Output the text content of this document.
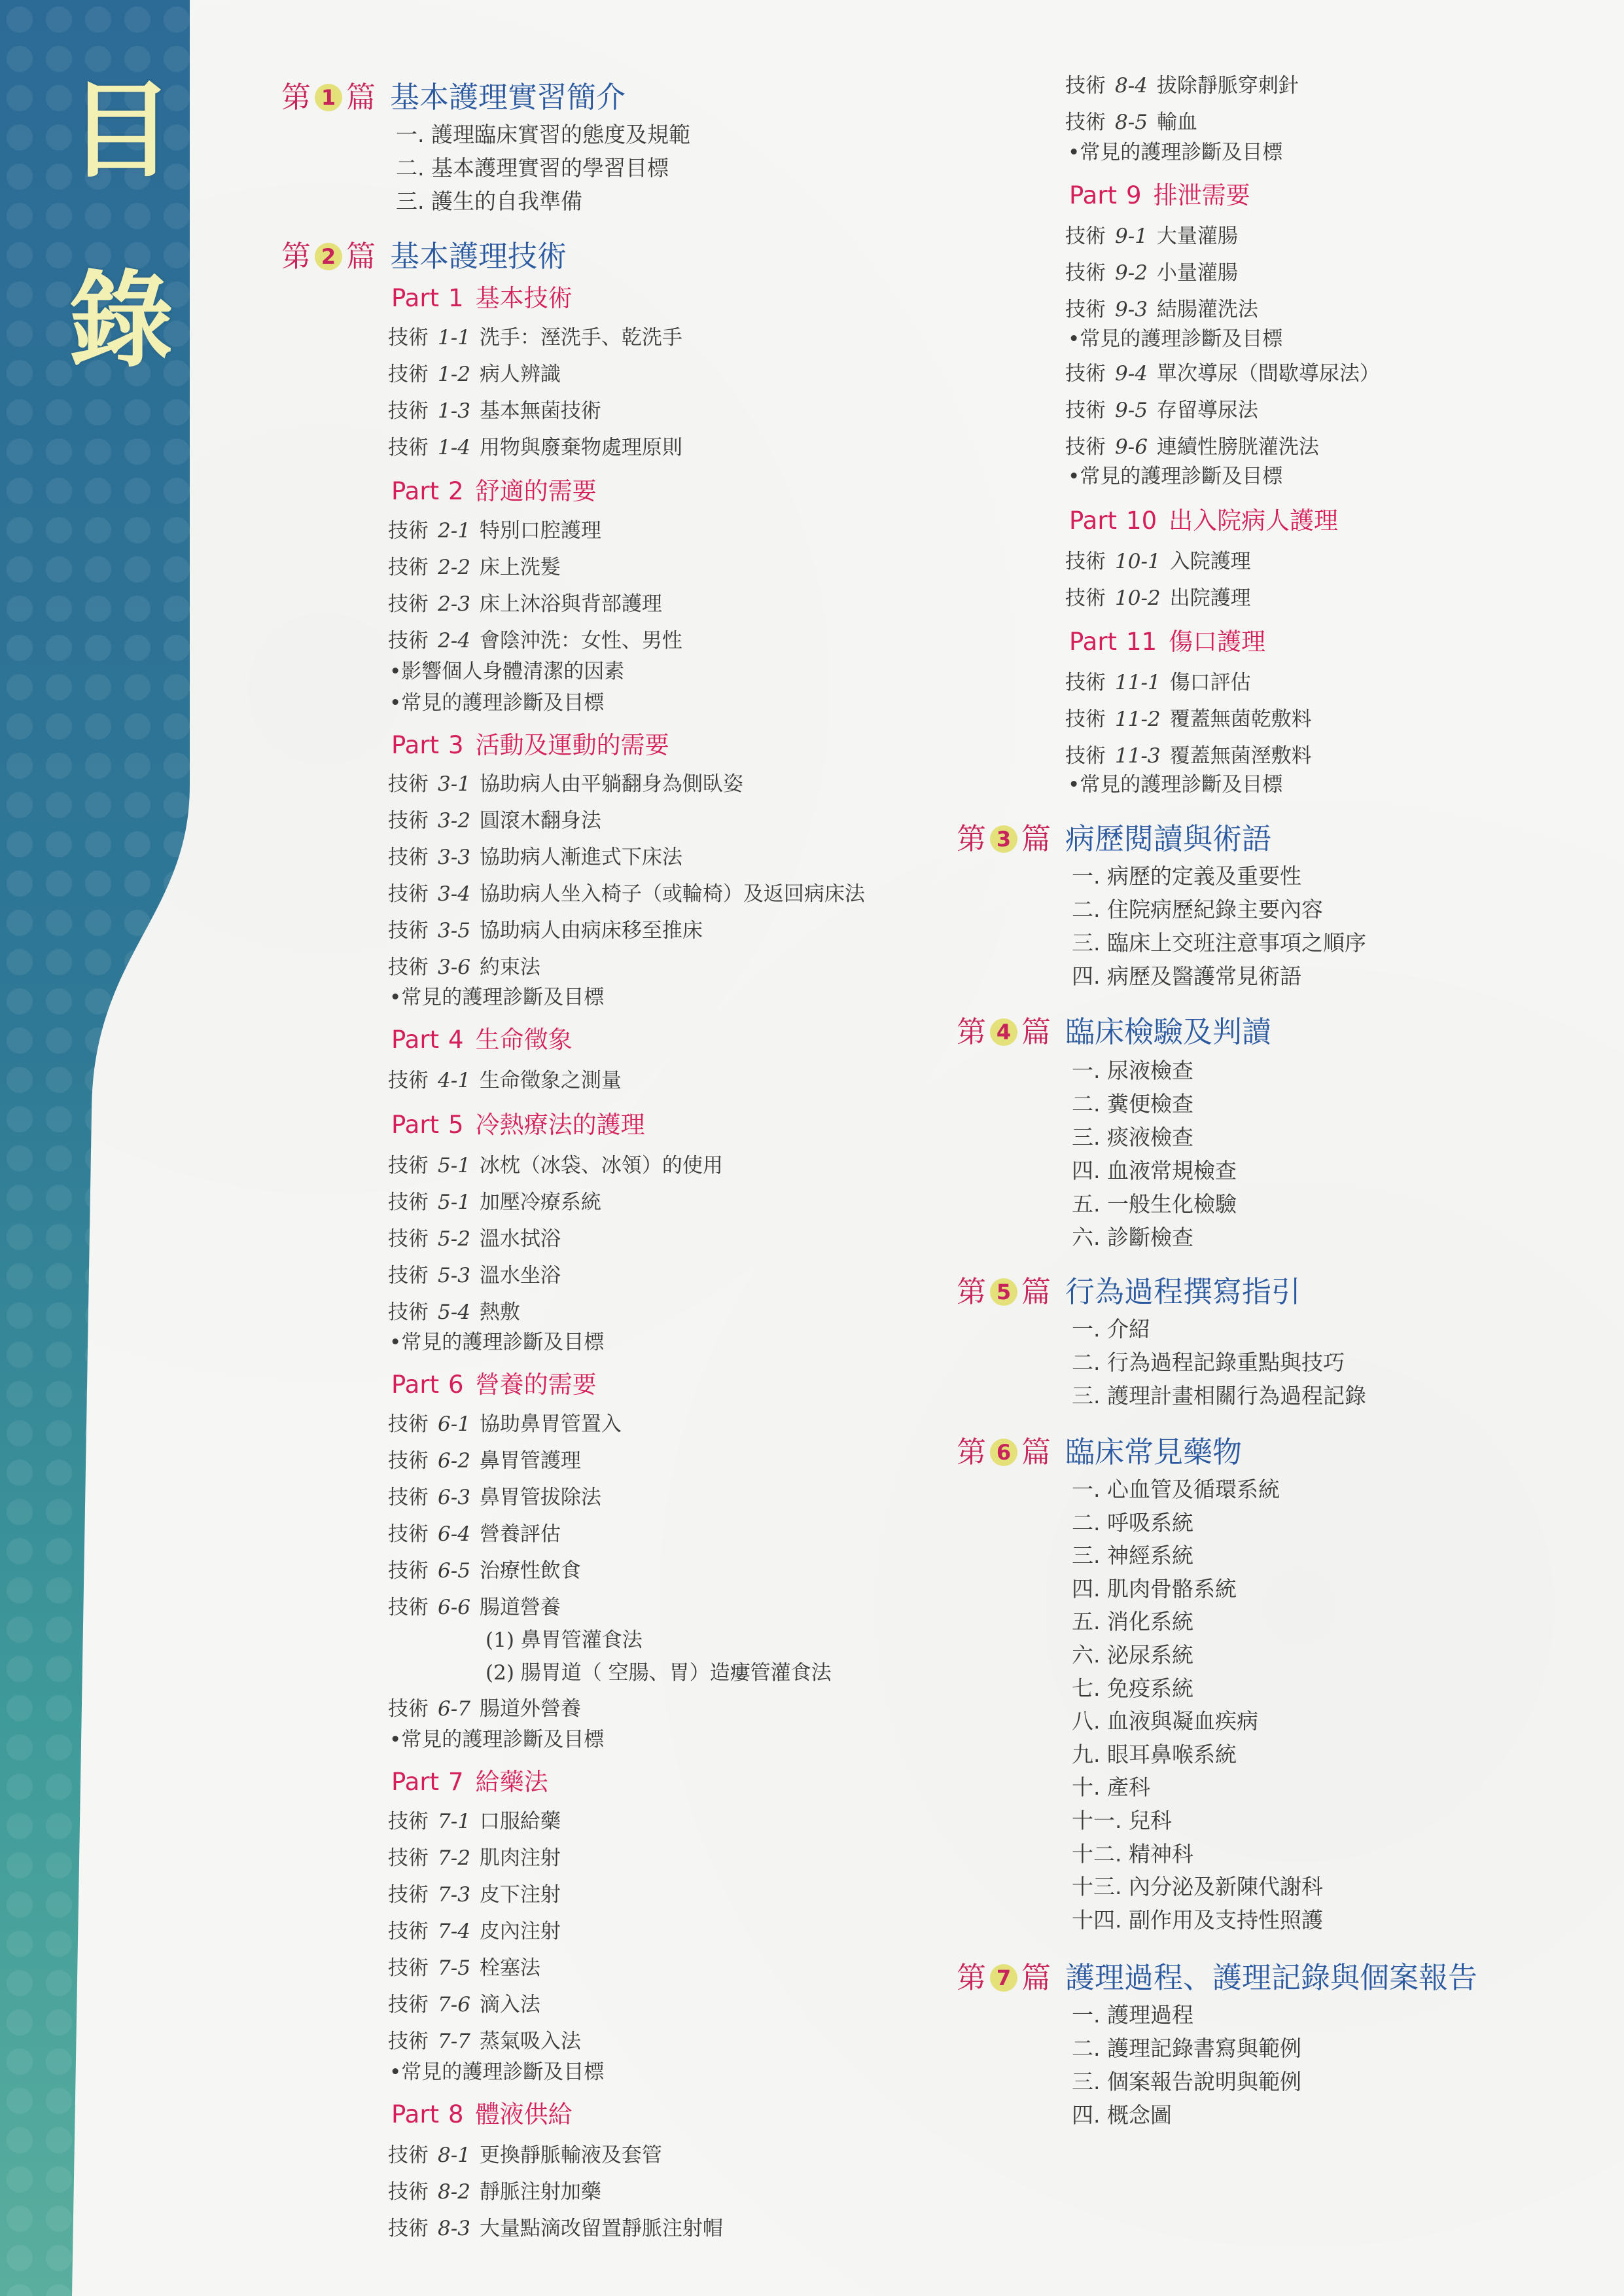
目
錄
第 1 篇 基本護理實習簡介
一. 護理臨床實習的態度及規範
二. 基本護理實習的學習目標
三. 護生的自我準備
第 2 篇 基本護理技術
Part 1 基本技術
技術 1-1 洗手：溼洗手、乾洗手
技術 1-2 病人辨識
技術 1-3 基本無菌技術
技術 1-4 用物與廢棄物處理原則
Part 2 舒適的需要
技術 2-1 特別口腔護理
技術 2-2 床上洗髮
技術 2-3 床上沐浴與背部護理
技術 2-4 會陰沖洗：女性、男性
•影響個人身體清潔的因素
•常見的護理診斷及目標
Part 3 活動及運動的需要
技術 3-1 協助病人由平躺翻身為側臥姿
技術 3-2 圓滾木翻身法
技術 3-3 協助病人漸進式下床法
技術 3-4 協助病人坐入椅子（或輪椅）及返回病床法
技術 3-5 協助病人由病床移至推床
技術 3-6 約束法
•常見的護理診斷及目標
Part 4 生命徵象
技術 4-1 生命徵象之測量
Part 5 冷熱療法的護理
技術 5-1 冰枕（冰袋、冰領）的使用
技術 5-1 加壓冷療系統
技術 5-2 溫水拭浴
技術 5-3 溫水坐浴
技術 5-4 熱敷
•常見的護理診斷及目標
Part 6 營養的需要
技術 6-1 協助鼻胃管置入
技術 6-2 鼻胃管護理
技術 6-3 鼻胃管拔除法
技術 6-4 營養評估
技術 6-5 治療性飲食
技術 6-6 腸道營養
(1) 鼻胃管灌食法
(2) 腸胃道（ 空腸、胃）造瘻管灌食法
技術 6-7 腸道外營養
•常見的護理診斷及目標
Part 7 給藥法
技術 7-1 口服給藥
技術 7-2 肌肉注射
技術 7-3 皮下注射
技術 7-4 皮內注射
技術 7-5 栓塞法
技術 7-6 滴入法
技術 7-7 蒸氣吸入法
•常見的護理診斷及目標
Part 8 體液供給
技術 8-1 更換靜脈輸液及套管
技術 8-2 靜脈注射加藥
技術 8-3 大量點滴改留置靜脈注射帽
技術 8-4 拔除靜脈穿刺針
技術 8-5 輸血
•常見的護理診斷及目標
Part 9 排泄需要
技術 9-1 大量灌腸
技術 9-2 小量灌腸
技術 9-3 結腸灌洗法
•常見的護理診斷及目標
技術 9-4 單次導尿（間歇導尿法）
技術 9-5 存留導尿法
技術 9-6 連續性膀胱灌洗法
•常見的護理診斷及目標
Part 10 出入院病人護理
技術 10-1 入院護理
技術 10-2 出院護理
Part 11 傷口護理
技術 11-1 傷口評估
技術 11-2 覆蓋無菌乾敷料
技術 11-3 覆蓋無菌溼敷料
•常見的護理診斷及目標
第 3 篇 病歷閱讀與術語
一. 病歷的定義及重要性
二. 住院病歷紀錄主要內容
三. 臨床上交班注意事項之順序
四. 病歷及醫護常見術語
第 4 篇 臨床檢驗及判讀
一. 尿液檢查
二. 糞便檢查
三. 痰液檢查
四. 血液常規檢查
五. 一般生化檢驗
六. 診斷檢查
第 5 篇 行為過程撰寫指引
一. 介紹
二. 行為過程記錄重點與技巧
三. 護理計畫相關行為過程記錄
第 6 篇 臨床常見藥物
一. 心血管及循環系統
二. 呼吸系統
三. 神經系統
四. 肌肉骨骼系統
五. 消化系統
六. 泌尿系統
七. 免疫系統
八. 血液與凝血疾病
九. 眼耳鼻喉系統
十. 產科
十一. 兒科
十二. 精神科
十三. 內分泌及新陳代謝科
十四. 副作用及支持性照護
第 7 篇 護理過程、護理記錄與個案報告
一. 護理過程
二. 護理記錄書寫與範例
三. 個案報告說明與範例
四. 概念圖
